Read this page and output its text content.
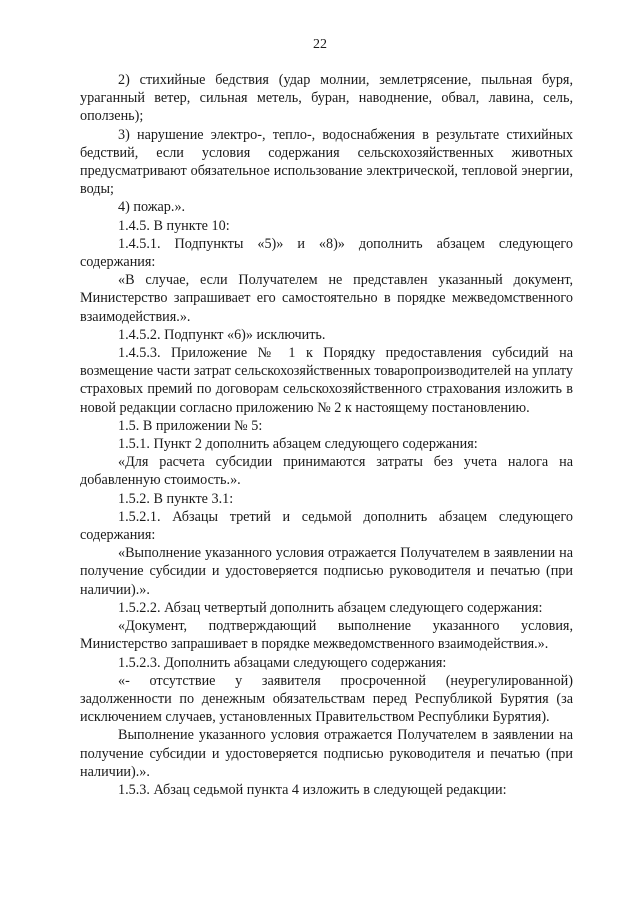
22

2) стихийные бедствия (удар молнии, землетрясение, пыльная буря, ураганный ветер, сильная метель, буран, наводнение, обвал, лавина, сель, оползень);

3) нарушение электро-, тепло-, водоснабжения в результате стихийных бедствий, если условия содержания сельскохозяйственных животных предусматривают обязательное использование электрической, тепловой энергии, воды;

4) пожар.».

1.4.5. В пункте 10:

1.4.5.1. Подпункты «5)» и «8)» дополнить абзацем следующего содержания:

«В случае, если Получателем не представлен указанный документ, Министерство запрашивает его самостоятельно в порядке межведомственного взаимодействия.».

1.4.5.2. Подпункт «6)» исключить.

1.4.5.3. Приложение № 1 к Порядку предоставления субсидий на возмещение части затрат сельскохозяйственных товаропроизводителей на уплату страховых премий по договорам сельскохозяйственного страхования изложить в новой редакции согласно приложению № 2 к настоящему постановлению.

1.5. В приложении № 5:

1.5.1. Пункт 2 дополнить абзацем следующего содержания:

«Для расчета субсидии принимаются затраты без учета налога на добавленную стоимость.».

1.5.2. В пункте 3.1:

1.5.2.1. Абзацы третий и седьмой дополнить абзацем следующего содержания:

«Выполнение указанного условия отражается Получателем в заявлении на получение субсидии и удостоверяется подписью руководителя и печатью (при наличии).».

1.5.2.2. Абзац четвертый дополнить абзацем следующего содержания:

«Документ, подтверждающий выполнение указанного условия, Министерство запрашивает в порядке межведомственного взаимодействия.».

1.5.2.3. Дополнить абзацами следующего содержания:

«- отсутствие у заявителя просроченной (неурегулированной) задолженности по денежным обязательствам перед Республикой Бурятия (за исключением случаев, установленных Правительством Республики Бурятия).

Выполнение указанного условия отражается Получателем в заявлении на получение субсидии и удостоверяется подписью руководителя и печатью (при наличии).».

1.5.3. Абзац седьмой пункта 4 изложить в следующей редакции:
